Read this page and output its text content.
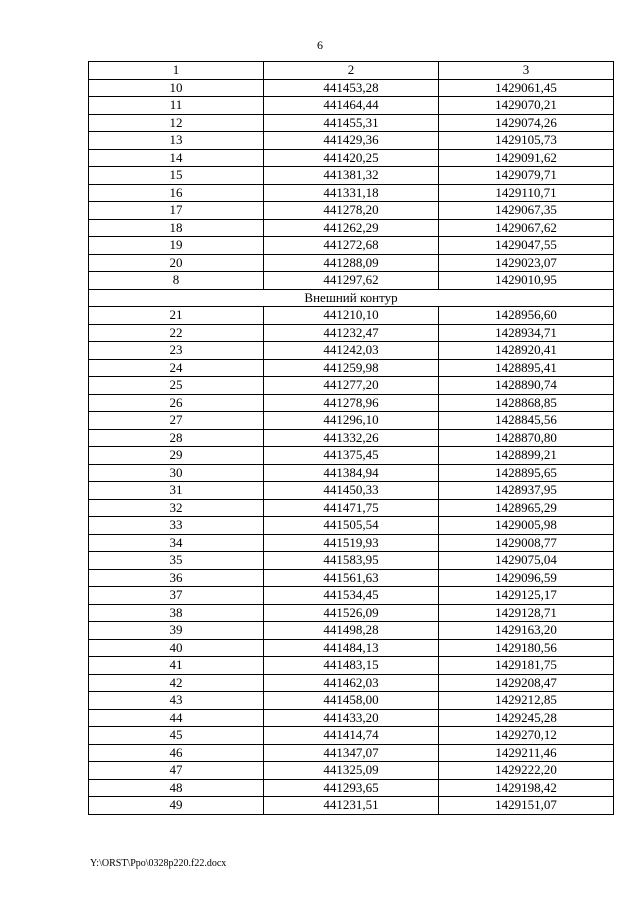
6
1	2	3
10	441453,28	1429061,45
11	441464,44	1429070,21
12	441455,31	1429074,26
13	441429,36	1429105,73
14	441420,25	1429091,62
15	441381,32	1429079,71
16	441331,18	1429110,71
17	441278,20	1429067,35
18	441262,29	1429067,62
19	441272,68	1429047,55
20	441288,09	1429023,07
8	441297,62	1429010,95
Внешний контур		
21	441210,10	1428956,60
22	441232,47	1428934,71
23	441242,03	1428920,41
24	441259,98	1428895,41
25	441277,20	1428890,74
26	441278,96	1428868,85
27	441296,10	1428845,56
28	441332,26	1428870,80
29	441375,45	1428899,21
30	441384,94	1428895,65
31	441450,33	1428937,95
32	441471,75	1428965,29
33	441505,54	1429005,98
34	441519,93	1429008,77
35	441583,95	1429075,04
36	441561,63	1429096,59
37	441534,45	1429125,17
38	441526,09	1429128,71
39	441498,28	1429163,20
40	441484,13	1429180,56
41	441483,15	1429181,75
42	441462,03	1429208,47
43	441458,00	1429212,85
44	441433,20	1429245,28
45	441414,74	1429270,12
46	441347,07	1429211,46
47	441325,09	1429222,20
48	441293,65	1429198,42
49	441231,51	1429151,07
Y:\ORST\Ppo\0328p220.f22.docx
